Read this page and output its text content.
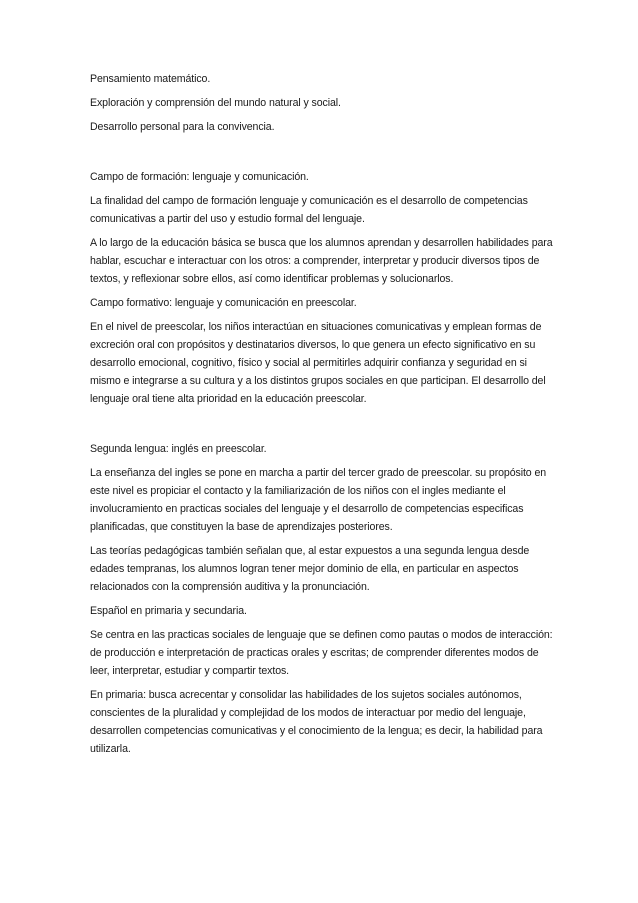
Pensamiento matemático.

Exploración y comprensión del mundo natural y social.

Desarrollo personal para la convivencia.

Campo de formación: lenguaje y comunicación.

La finalidad del campo de formación lenguaje y comunicación es el desarrollo de competencias comunicativas a partir del uso y estudio formal del lenguaje.

A lo largo de la educación básica se busca que los alumnos aprendan y desarrollen habilidades para hablar, escuchar e interactuar con los otros: a comprender, interpretar y producir diversos tipos de textos, y reflexionar sobre ellos, así como identificar problemas y solucionarlos.

Campo formativo: lenguaje y comunicación en preescolar.

En el nivel de preescolar, los niños interactúan en situaciones comunicativas y emplean formas de excreción oral con propósitos y destinatarios diversos, lo que genera un efecto significativo en su desarrollo emocional, cognitivo, físico y social al permitirles adquirir confianza y seguridad en si mismo e integrarse a su cultura y a los distintos grupos sociales en que participan. El desarrollo del lenguaje oral tiene alta prioridad en la educación preescolar.

Segunda lengua: inglés en preescolar.

La enseñanza del ingles se pone en marcha a partir del tercer grado de preescolar. su propósito en este nivel es propiciar el contacto y la familiarización de los niños con el ingles mediante el involucramiento en practicas sociales del lenguaje y el desarrollo de competencias especificas planificadas, que constituyen la base de aprendizajes posteriores.

Las teorías pedagógicas también señalan que, al estar expuestos a una segunda lengua desde edades tempranas, los alumnos logran tener mejor dominio de ella, en particular en aspectos relacionados con la comprensión auditiva y la pronunciación.

Español en primaria y secundaria.

Se centra en las practicas sociales de lenguaje que se definen como pautas o modos de interacción: de producción e interpretación de practicas orales y escritas; de comprender diferentes modos de leer, interpretar, estudiar y compartir textos.

En primaria: busca acrecentar y consolidar las habilidades de los sujetos sociales autónomos, conscientes de la pluralidad y complejidad de los modos de interactuar por medio del lenguaje, desarrollen competencias comunicativas y el conocimiento de la lengua; es decir, la habilidad para utilizarla.
